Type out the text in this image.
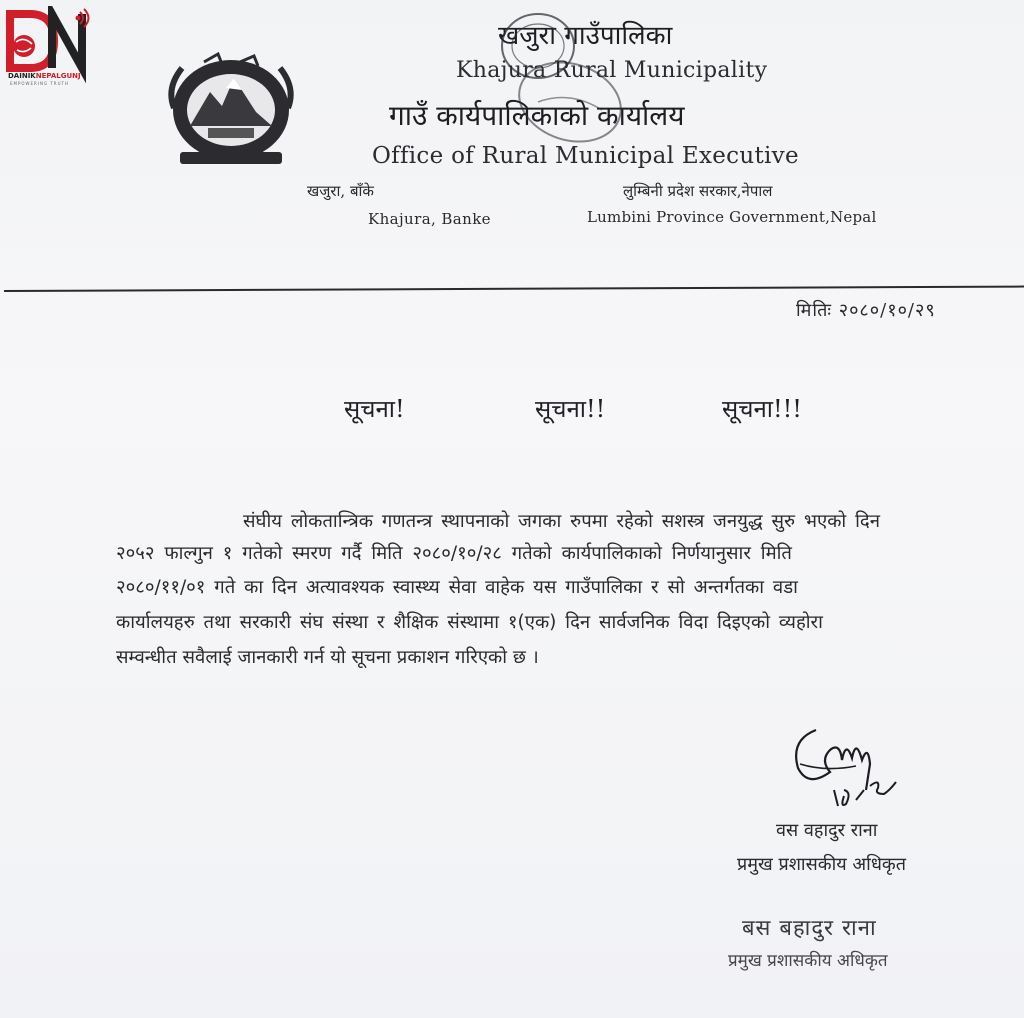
DAINIKNEPALGUNJ
EMPOWERING TRUTH
खजुरा गाउँपालिका
Khajura Rural Municipality
गाउँ कार्यपालिकाको कार्यालय
Office of Rural Municipal Executive
खजुरा, बाँके
Khajura, Banke
लुम्बिनी प्रदेश सरकार,नेपाल
Lumbini Province Government,Nepal
मितिः २०८०/१०/२९
सूचना!	सूचना!!	सूचना!!!
संघीय लोकतान्त्रिक गणतन्त्र स्थापनाको जगका रुपमा रहेको सशस्त्र जनयुद्ध सुरु भएको दिन
२०५२ फाल्गुन १ गतेको स्मरण गर्दै मिति २०८०/१०/२८ गतेको कार्यपालिकाको निर्णयानुसार मिति
२०८०/११/०१ गते का दिन अत्यावश्यक स्वास्थ्य सेवा वाहेक यस गाउँपालिका र सो अन्तर्गतका वडा
कार्यालयहरु तथा सरकारी संघ संस्था र शैक्षिक संस्थामा १(एक) दिन सार्वजनिक विदा दिइएको व्यहोरा
सम्वन्धीत सवैलाई जानकारी गर्न यो सूचना प्रकाशन गरिएको छ ।
वस वहादुर राना
प्रमुख प्रशासकीय अधिकृत
बस बहादुर राना
प्रमुख प्रशासकीय अधिकृत
